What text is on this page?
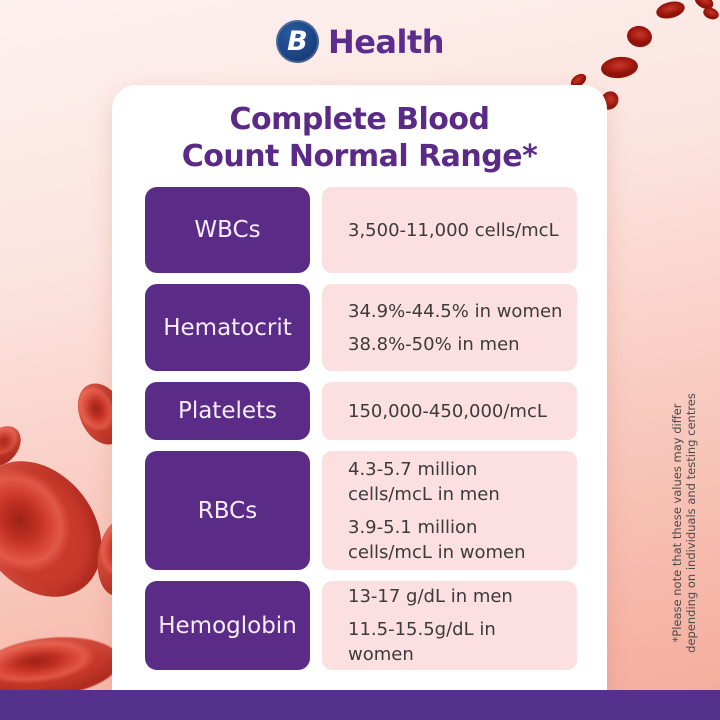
B Health
Complete Blood
Count Normal Range*
WBCs	3,500-11,000 cells/mcL

Hematocrit

34.9%-44.5% in women

38.8%-50% in men

Platelets	150,000-450,000/mcL

RBCs

4.3-5.7 million
cells/mcL in men

3.9-5.1 million
cells/mcL in women

Hemoglobin

13-17 g/dL in men

11.5-15.5g/dL in women

*Please note that these values may differ
depending on individuals and testing centres
